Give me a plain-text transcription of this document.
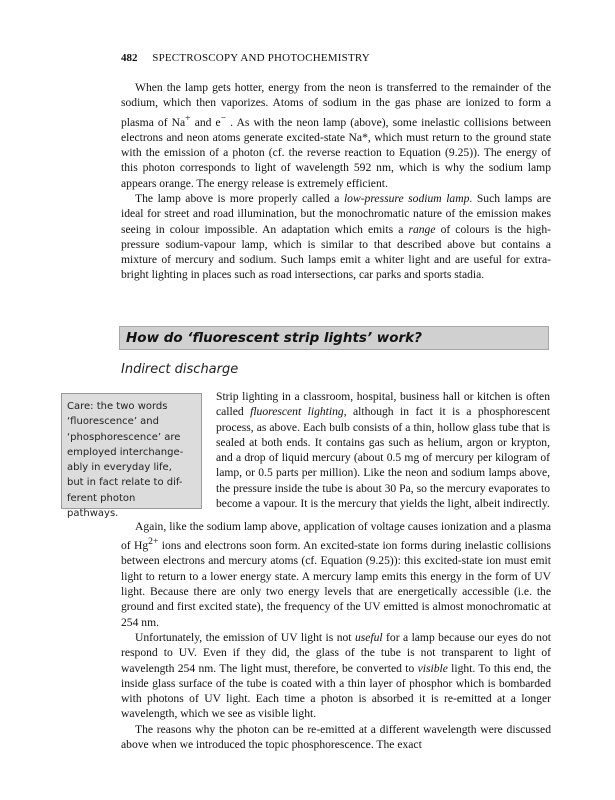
482 SPECTROSCOPY AND PHOTOCHEMISTRY

When the lamp gets hotter, energy from the neon is transferred to the remainder of the sodium, which then vaporizes. Atoms of sodium in the gas phase are ionized to form a plasma of Na+ and e− . As with the neon lamp (above), some inelastic collisions between electrons and neon atoms generate excited-state Na*, which must return to the ground state with the emission of a photon (cf. the reverse reaction to Equation (9.25)). The energy of this photon corresponds to light of wavelength 592 nm, which is why the sodium lamp appears orange. The energy release is extremely efficient.

The lamp above is more properly called a low-pressure sodium lamp. Such lamps are ideal for street and road illumination, but the monochromatic nature of the emission makes seeing in colour impossible. An adaptation which emits a range of colours is the high-pressure sodium-vapour lamp, which is similar to that described above but contains a mixture of mercury and sodium. Such lamps emit a whiter light and are useful for extra-bright lighting in places such as road intersections, car parks and sports stadia.

How do ‘fluorescent strip lights’ work?
Indirect discharge
Care: the two words
‘fluorescence’ and
‘phosphorescence’ are
employed interchange-
ably in everyday life,
but in fact relate to dif-
ferent photon
pathways.

Strip lighting in a classroom, hospital, business hall or kitchen is often called fluorescent lighting, although in fact it is a phosphorescent process, as above. Each bulb consists of a thin, hollow glass tube that is sealed at both ends. It contains gas such as helium, argon or krypton, and a drop of liquid mercury (about 0.5 mg of mercury per kilogram of lamp, or 0.5 parts per million). Like the neon and sodium lamps above, the pressure inside the tube is about 30 Pa, so the mercury evaporates to become a vapour. It is the mercury that yields the light, albeit indirectly.

Again, like the sodium lamp above, application of voltage causes ionization and a plasma of $Hg^{2+}$ ions and electrons soon form. An excited-state ion forms during inelastic collisions between electrons and mercury atoms (cf. Equation (9.25)): this excited-state ion must emit light to return to a lower energy state. A mercury lamp emits this energy in the form of UV light. Because there are only two energy levels that are energetically accessible (i.e. the ground and first excited state), the frequency of the UV emitted is almost monochromatic at 254 nm.

Unfortunately, the emission of UV light is not useful for a lamp because our eyes do not respond to UV. Even if they did, the glass of the tube is not transparent to light of wavelength 254 nm. The light must, therefore, be converted to visible light. To this end, the inside glass surface of the tube is coated with a thin layer of phosphor which is bombarded with photons of UV light. Each time a photon is absorbed it is re-emitted at a longer wavelength, which we see as visible light.

The reasons why the photon can be re-emitted at a different wavelength were discussed above when we introduced the topic phosphorescence. The exact
